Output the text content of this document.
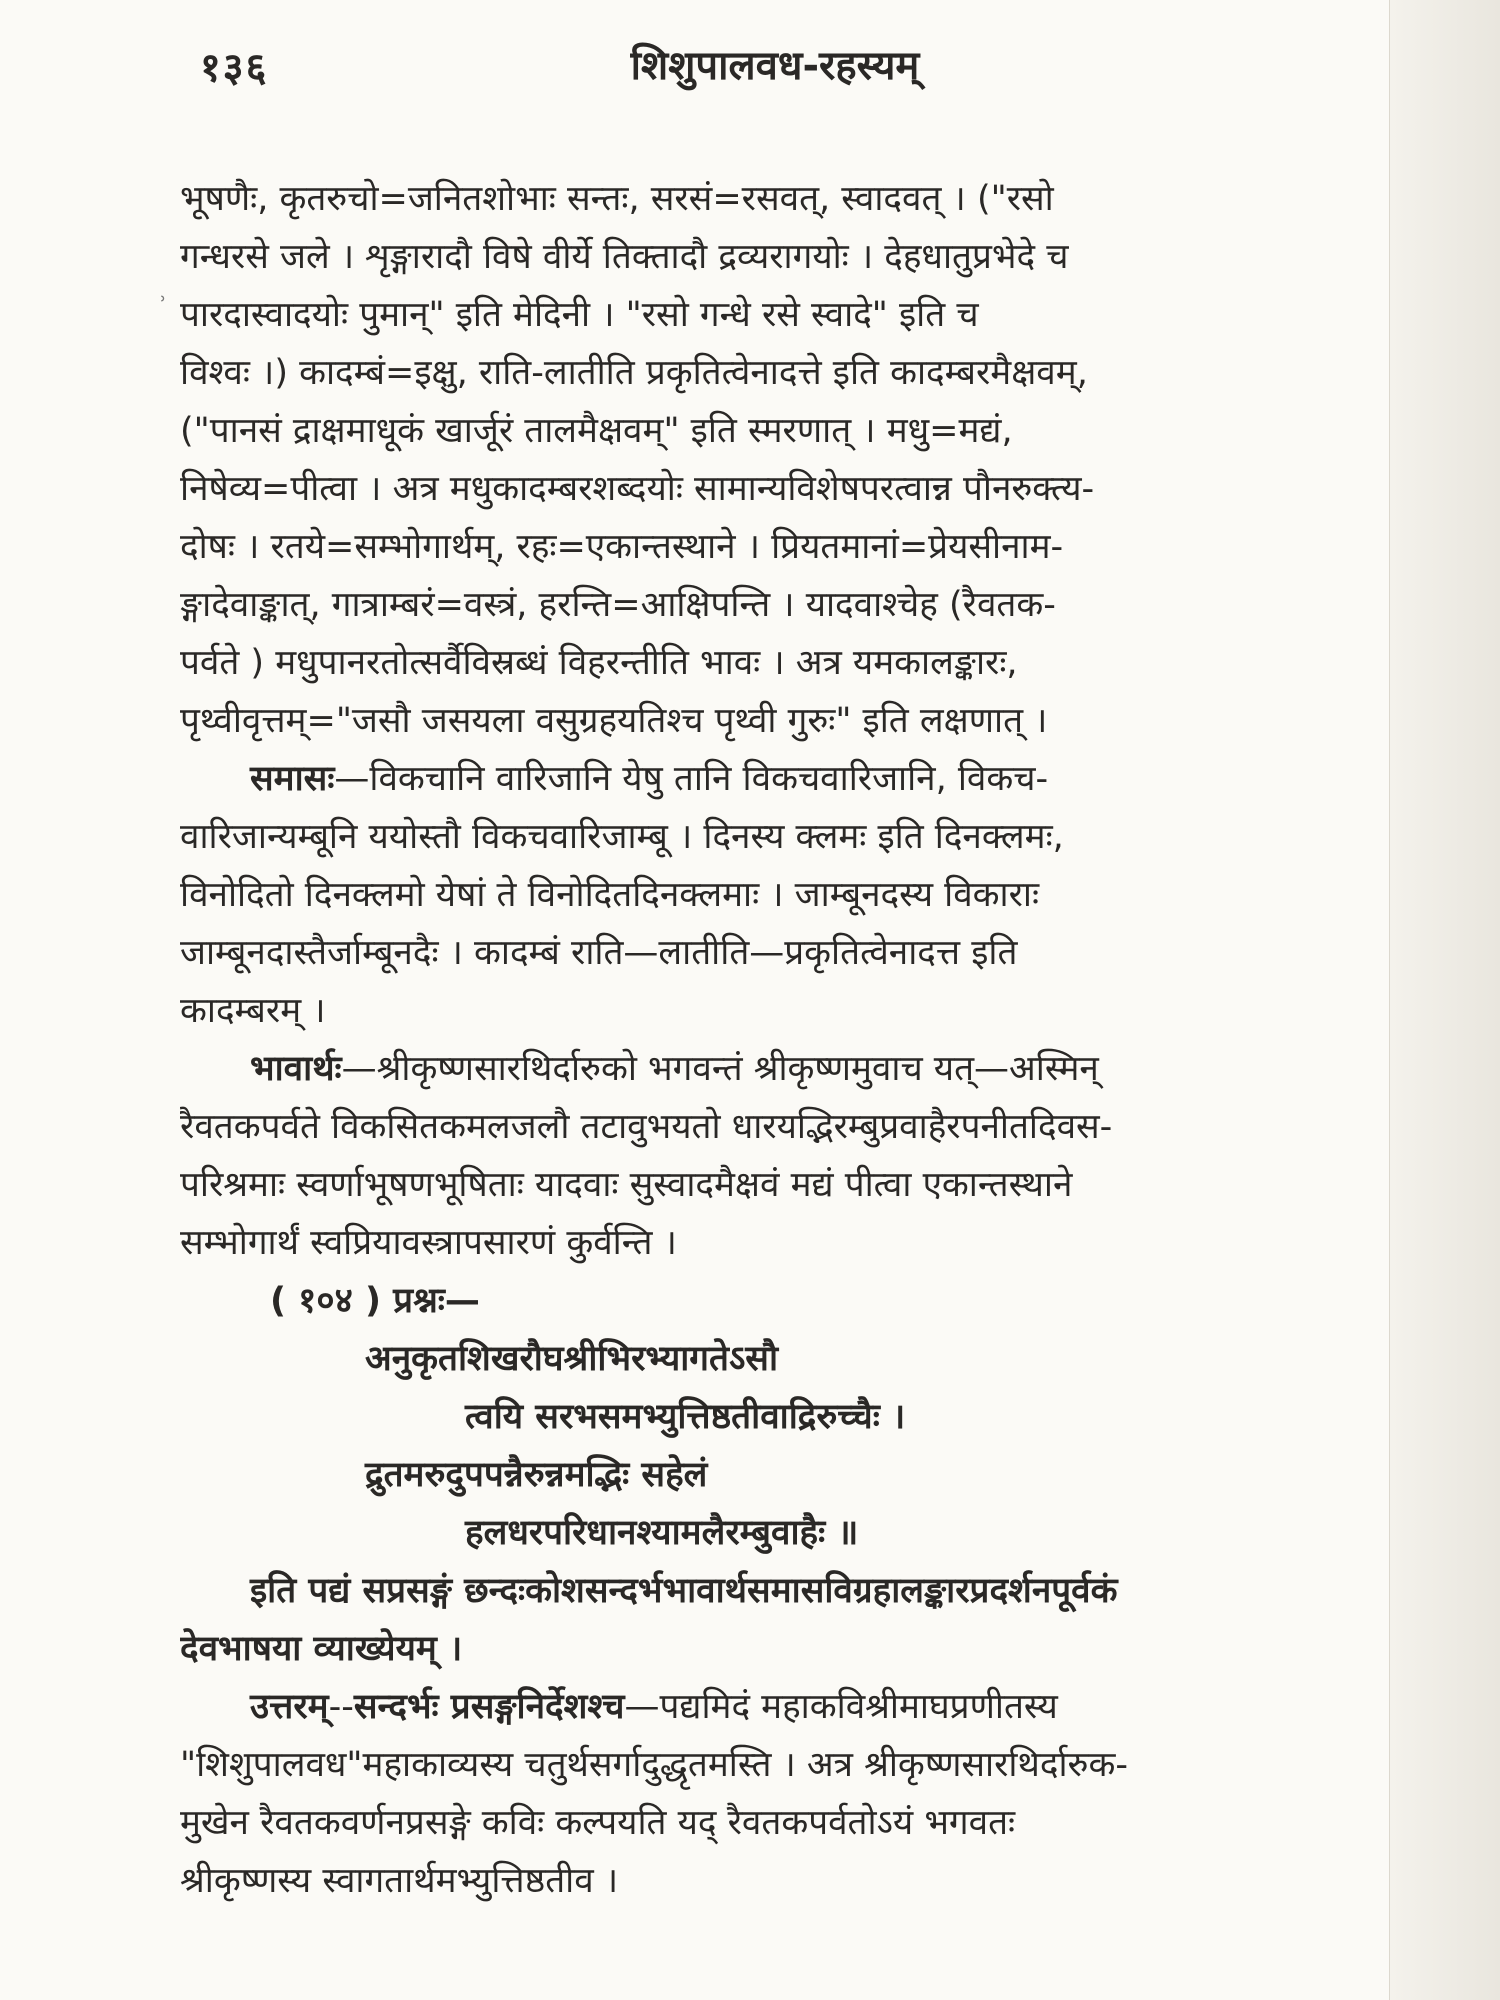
˒
१३६	शिशुपालवध-रहस्यम्

भूषणैः, कृतरुचो=जनितशोभाः सन्तः, सरसं=रसवत्, स्वादवत् । ("रसो

गन्धरसे जले । शृङ्गारादौ विषे वीर्ये तिक्तादौ द्रव्यरागयोः । देहधातुप्रभेदे च

पारदास्वादयोः पुमान्" इति मेदिनी । "रसो गन्धे रसे स्वादे" इति च

विश्वः ।) कादम्बं=इक्षु, राति-लातीति प्रकृतित्वेनादत्ते इति कादम्बरमैक्षवम्,

("पानसं द्राक्षमाधूकं खार्जूरं तालमैक्षवम्" इति स्मरणात् । मधु=मद्यं,

निषेव्य=पीत्वा । अत्र मधुकादम्बरशब्दयोः सामान्यविशेषपरत्वान्न पौनरुक्त्य-

दोषः । रतये=सम्भोगार्थम्, रहः=एकान्तस्थाने । प्रियतमानां=प्रेयसीनाम-

ङ्गादेवाङ्कात्, गात्राम्बरं=वस्त्रं, हरन्ति=आक्षिपन्ति । यादवाश्चेह (रैवतक-

पर्वते ) मधुपानरतोत्सर्वैविस्रब्धं विहरन्तीति भावः । अत्र यमकालङ्कारः,

पृथ्वीवृत्तम्="जसौ जसयला वसुग्रहयतिश्च पृथ्वी गुरुः" इति लक्षणात् ।

समासः—विकचानि वारिजानि येषु तानि विकचवारिजानि, विकच-

वारिजान्यम्बूनि ययोस्तौ विकचवारिजाम्बू । दिनस्य क्लमः इति दिनक्लमः,

विनोदितो दिनक्लमो येषां ते विनोदितदिनक्लमाः । जाम्बूनदस्य विकाराः

जाम्बूनदास्तैर्जाम्बूनदैः । कादम्बं राति—लातीति—प्रकृतित्वेनादत्त इति

कादम्बरम् ।

भावार्थः—श्रीकृष्णसारथिर्दारुको भगवन्तं श्रीकृष्णमुवाच यत्—अस्मिन्

रैवतकपर्वते विकसितकमलजलौ तटावुभयतो धारयद्भिरम्बुप्रवाहैरपनीतदिवस-

परिश्रमाः स्वर्णाभूषणभूषिताः यादवाः सुस्वादमैक्षवं मद्यं पीत्वा एकान्तस्थाने

सम्भोगार्थं स्वप्रियावस्त्रापसारणं कुर्वन्ति ।

( १०४ ) प्रश्नः—

अनुकृतशिखरौघश्रीभिरभ्यागतेऽसौ

त्वयि सरभसमभ्युत्तिष्ठतीवाद्रिरुच्चैः ।

द्रुतमरुदुपपन्नैरुन्नमद्भिः सहेलं

हलधरपरिधानश्यामलैरम्बुवाहैः ॥

इति पद्यं सप्रसङ्गं छन्दःकोशसन्दर्भभावार्थसमासविग्रहालङ्कारप्रदर्शनपूर्वकं

देवभाषया व्याख्येयम् ।

उत्तरम्--सन्दर्भः प्रसङ्गनिर्देशश्च—पद्यमिदं महाकविश्रीमाघप्रणीतस्य

"शिशुपालवध"महाकाव्यस्य चतुर्थसर्गादुद्धृतमस्ति । अत्र श्रीकृष्णसारथिर्दारुक-

मुखेन रैवतकवर्णनप्रसङ्गे कविः कल्पयति यद् रैवतकपर्वतोऽयं भगवतः

श्रीकृष्णस्य स्वागतार्थमभ्युत्तिष्ठतीव ।
